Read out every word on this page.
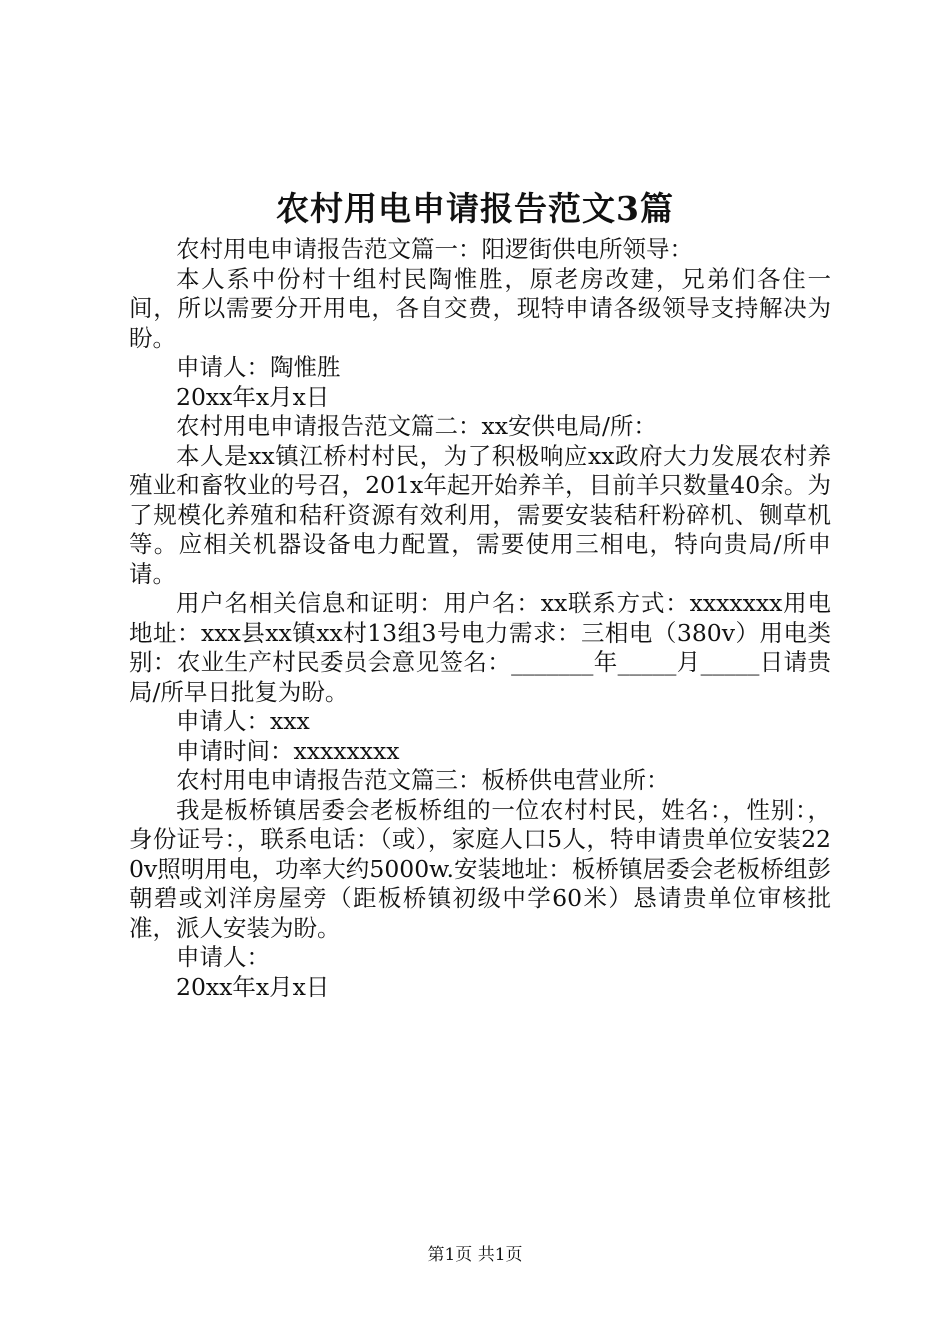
农村用电申请报告范文3篇

农村用电申请报告范文篇一：阳逻街供电所领导：

本人系中份村十组村民陶惟胜，原老房改建，兄弟们各住一间，所以需要分开用电，各自交费，现特申请各级领导支持解决为盼。

申请人：陶惟胜

20xx年x月x日

农村用电申请报告范文篇二：xx安供电局/所：

本人是xx镇江桥村村民，为了积极响应xx政府大力发展农村养殖业和畜牧业的号召，201x年起开始养羊，目前羊只数量40余。为了规模化养殖和秸秆资源有效利用，需要安装秸秆粉碎机、铡草机等。应相关机器设备电力配置，需要使用三相电，特向贵局/所申请。

用户名相关信息和证明：用户名：xx联系方式：xxxxxxx用电地址：xxx县xx镇xx村13组3号电力需求：三相电（380v）用电类别：农业生产村民委员会意见签名：_______年_____月_____日请贵局/所早日批复为盼。

申请人：xxx

申请时间：xxxxxxxx

农村用电申请报告范文篇三：板桥供电营业所：

我是板桥镇居委会老板桥组的一位农村村民，姓名：，性别：，身份证号：，联系电话：（或），家庭人口5人，特申请贵单位安装220v照明用电，功率大约5000w.安装地址：板桥镇居委会老板桥组彭朝碧或刘洋房屋旁（距板桥镇初级中学60米）恳请贵单位审核批准，派人安装为盼。

申请人：

20xx年x月x日

第1页 共1页
